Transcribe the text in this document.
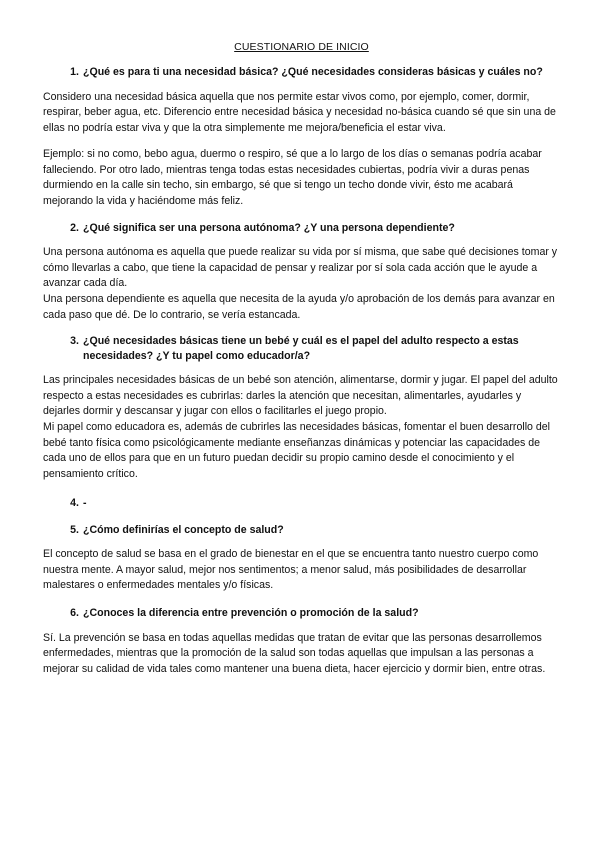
CUESTIONARIO DE INICIO
1. ¿Qué es para ti una necesidad básica? ¿Qué necesidades consideras básicas y cuáles no?
Considero una necesidad básica aquella que nos permite estar vivos como, por ejemplo, comer, dormir, respirar, beber agua, etc. Diferencio entre necesidad básica y necesidad no-básica cuando sé que sin una de ellas no podría estar viva y que la otra simplemente me mejora/beneficia el estar viva.
Ejemplo: si no como, bebo agua, duermo o respiro, sé que a lo largo de los días o semanas podría acabar falleciendo. Por otro lado, mientras tenga todas estas necesidades cubiertas, podría vivir a duras penas durmiendo en la calle sin techo, sin embargo, sé que si tengo un techo donde vivir, ésto me acabará mejorando la vida y haciéndome más feliz.
2. ¿Qué significa ser una persona autónoma? ¿Y una persona dependiente?
Una persona autónoma es aquella que puede realizar su vida por sí misma, que sabe qué decisiones tomar y cómo llevarlas a cabo, que tiene la capacidad de pensar y realizar por sí sola cada acción que le ayude a avanzar cada día.
Una persona dependiente es aquella que necesita de la ayuda y/o aprobación de los demás para avanzar en cada paso que dé. De lo contrario, se vería estancada.
3. ¿Qué necesidades básicas tiene un bebé y cuál es el papel del adulto respecto a estas necesidades? ¿Y tu papel como educador/a?
Las principales necesidades básicas de un bebé son atención, alimentarse, dormir y jugar. El papel del adulto respecto a estas necesidades es cubrirlas: darles la atención que necesitan, alimentarles, ayudarles y dejarles dormir y descansar y jugar con ellos o facilitarles el juego propio.
Mi papel como educadora es, además de cubrirles las necesidades básicas, fomentar el buen desarrollo del bebé tanto física como psicológicamente mediante enseñanzas dinámicas y potenciar las capacidades de cada uno de ellos para que en un futuro puedan decidir su propio camino desde el conocimiento y el pensamiento crítico.
4. -
5. ¿Cómo definirías el concepto de salud?
El concepto de salud se basa en el grado de bienestar en el que se encuentra tanto nuestro cuerpo como nuestra mente. A mayor salud, mejor nos sentimentos; a menor salud, más posibilidades de desarrollar malestares o enfermedades mentales y/o físicas.
6. ¿Conoces la diferencia entre prevención o promoción de la salud?
Sí. La prevención se basa en todas aquellas medidas que tratan de evitar que las personas desarrollemos enfermedades, mientras que la promoción de la salud son todas aquellas que impulsan a las personas a mejorar su calidad de vida tales como mantener una buena dieta, hacer ejercicio y dormir bien, entre otras.
